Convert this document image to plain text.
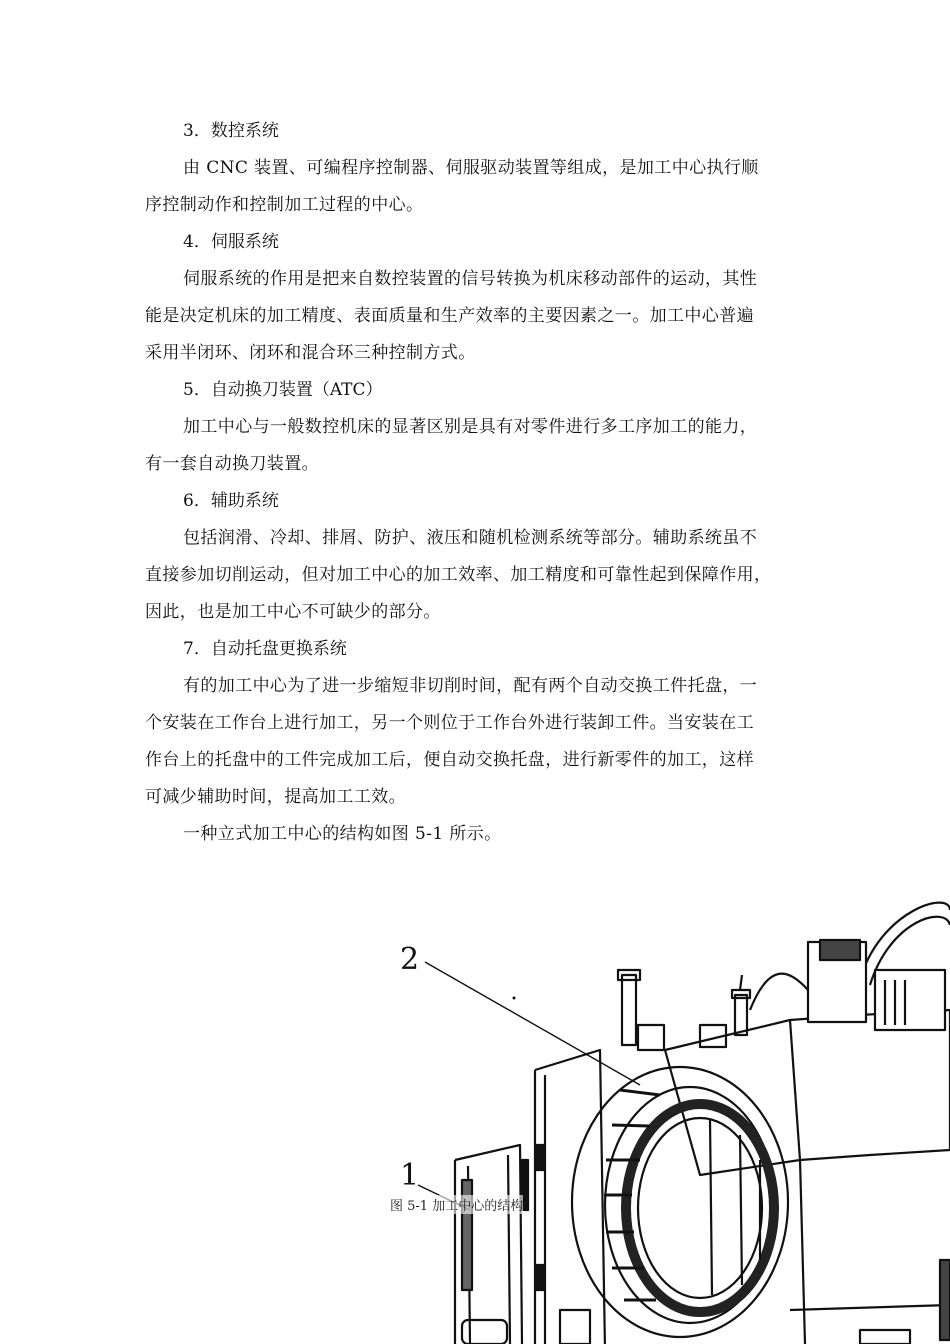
3．数控系统

由 CNC 装置、可编程序控制器、伺服驱动装置等组成，是加工中心执行顺

序控制动作和控制加工过程的中心。

4．伺服系统

伺服系统的作用是把来自数控装置的信号转换为机床移动部件的运动，其性

能是决定机床的加工精度、表面质量和生产效率的主要因素之一。加工中心普遍

采用半闭环、闭环和混合环三种控制方式。

5．自动换刀装置（ATC）

加工中心与一般数控机床的显著区别是具有对零件进行多工序加工的能力，

有一套自动换刀装置。

6．辅助系统

包括润滑、冷却、排屑、防护、液压和随机检测系统等部分。辅助系统虽不

直接参加切削运动，但对加工中心的加工效率、加工精度和可靠性起到保障作用，

因此，也是加工中心不可缺少的部分。

7．自动托盘更换系统

有的加工中心为了进一步缩短非切削时间，配有两个自动交换工件托盘，一

个安装在工作台上进行加工，另一个则位于工作台外进行装卸工件。当安装在工

作台上的托盘中的工件完成加工后，便自动交换托盘，进行新零件的加工，这样

可减少辅助时间，提高加工工效。

一种立式加工中心的结构如图 5-1 所示。

2
1
图 5-1 加工中心的结构
